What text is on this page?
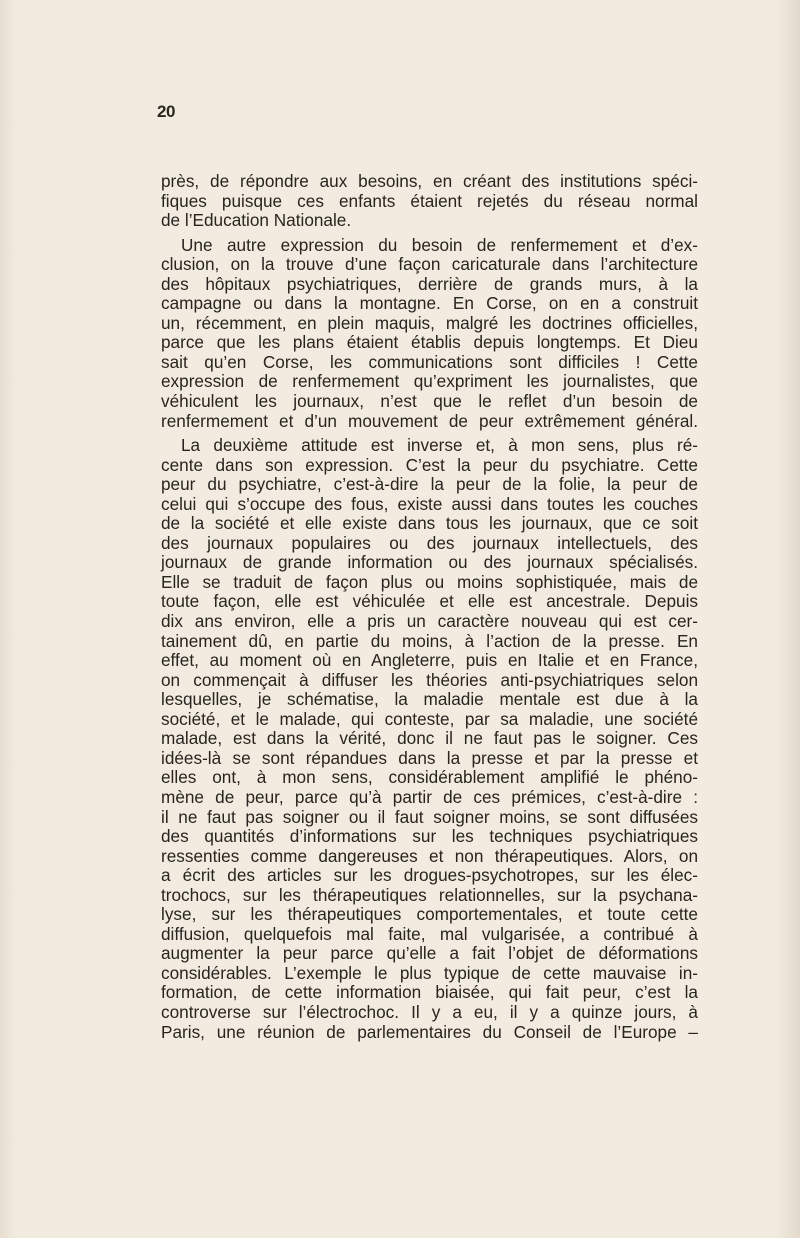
20

près, de répondre aux besoins, en créant des institutions spéci-
fiques puisque ces enfants étaient rejetés du réseau normal
de l’Education Nationale.

Une autre expression du besoin de renfermement et d’ex-
clusion, on la trouve d’une façon caricaturale dans l’architecture
des hôpitaux psychiatriques, derrière de grands murs, à la
campagne ou dans la montagne. En Corse, on en a construit
un, récemment, en plein maquis, malgré les doctrines officielles,
parce que les plans étaient établis depuis longtemps. Et Dieu
sait qu’en Corse, les communications sont difficiles ! Cette
expression de renfermement qu’expriment les journalistes, que
véhiculent les journaux, n’est que le reflet d’un besoin de
renfermement et d’un mouvement de peur extrêmement général.

La deuxième attitude est inverse et, à mon sens, plus ré-
cente dans son expression. C’est la peur du psychiatre. Cette
peur du psychiatre, c’est-à-dire la peur de la folie, la peur de
celui qui s’occupe des fous, existe aussi dans toutes les couches
de la société et elle existe dans tous les journaux, que ce soit
des journaux populaires ou des journaux intellectuels, des
journaux de grande information ou des journaux spécialisés.
Elle se traduit de façon plus ou moins sophistiquée, mais de
toute façon, elle est véhiculée et elle est ancestrale. Depuis
dix ans environ, elle a pris un caractère nouveau qui est cer-
tainement dû, en partie du moins, à l’action de la presse. En
effet, au moment où en Angleterre, puis en Italie et en France,
on commençait à diffuser les théories anti-psychiatriques selon
lesquelles, je schématise, la maladie mentale est due à la
société, et le malade, qui conteste, par sa maladie, une société
malade, est dans la vérité, donc il ne faut pas le soigner. Ces
idées-là se sont répandues dans la presse et par la presse et
elles ont, à mon sens, considérablement amplifié le phéno-
mène de peur, parce qu’à partir de ces prémices, c’est-à-dire :
il ne faut pas soigner ou il faut soigner moins, se sont diffusées
des quantités d’informations sur les techniques psychiatriques
ressenties comme dangereuses et non thérapeutiques. Alors, on
a écrit des articles sur les drogues-psychotropes, sur les élec-
trochocs, sur les thérapeutiques relationnelles, sur la psychana-
lyse, sur les thérapeutiques comportementales, et toute cette
diffusion, quelquefois mal faite, mal vulgarisée, a contribué à
augmenter la peur parce qu’elle a fait l’objet de déformations
considérables. L’exemple le plus typique de cette mauvaise in-
formation, de cette information biaisée, qui fait peur, c’est la
controverse sur l’électrochoc. Il y a eu, il y a quinze jours, à
Paris, une réunion de parlementaires du Conseil de l’Europe –
